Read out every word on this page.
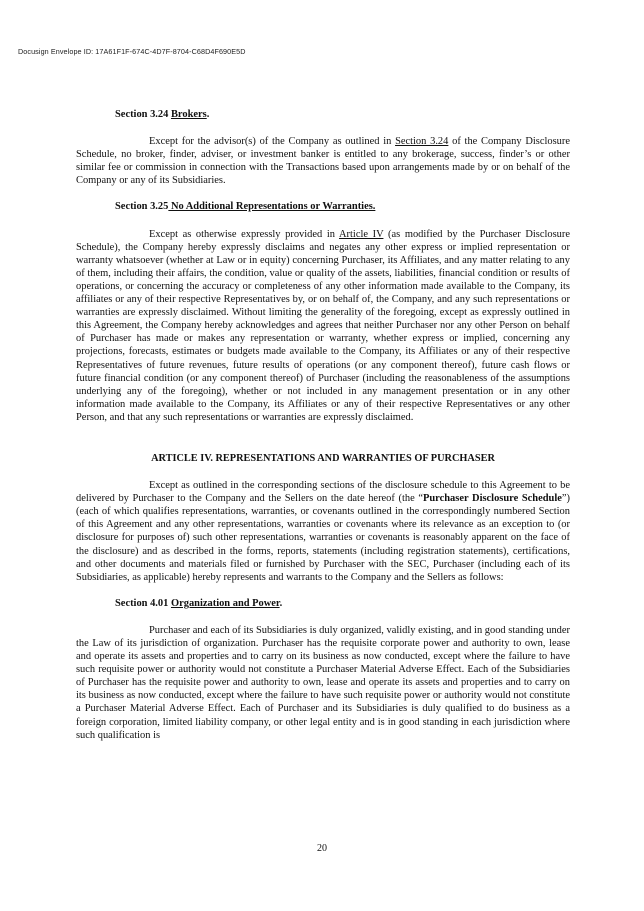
Docusign Envelope ID: 17A61F1F-674C-4D7F-8704-C68D4F690E5D

Section 3.24 Brokers.

Except for the advisor(s) of the Company as outlined in Section 3.24 of the Company Disclosure Schedule, no broker, finder, adviser, or investment banker is entitled to any brokerage, success, finder’s or other similar fee or commission in connection with the Transactions based upon arrangements made by or on behalf of the Company or any of its Subsidiaries.

Section 3.25 No Additional Representations or Warranties.

Except as otherwise expressly provided in Article IV (as modified by the Purchaser Disclosure Schedule), the Company hereby expressly disclaims and negates any other express or implied representation or warranty whatsoever (whether at Law or in equity) concerning Purchaser, its Affiliates, and any matter relating to any of them, including their affairs, the condition, value or quality of the assets, liabilities, financial condition or results of operations, or concerning the accuracy or completeness of any other information made available to the Company, its affiliates or any of their respective Representatives by, or on behalf of, the Company, and any such representations or warranties are expressly disclaimed. Without limiting the generality of the foregoing, except as expressly outlined in this Agreement, the Company hereby acknowledges and agrees that neither Purchaser nor any other Person on behalf of Purchaser has made or makes any representation or warranty, whether express or implied, concerning any projections, forecasts, estimates or budgets made available to the Company, its Affiliates or any of their respective Representatives of future revenues, future results of operations (or any component thereof), future cash flows or future financial condition (or any component thereof) of Purchaser (including the reasonableness of the assumptions underlying any of the foregoing), whether or not included in any management presentation or in any other information made available to the Company, its Affiliates or any of their respective Representatives or any other Person, and that any such representations or warranties are expressly disclaimed.

ARTICLE IV. REPRESENTATIONS AND WARRANTIES OF PURCHASER

Except as outlined in the corresponding sections of the disclosure schedule to this Agreement to be delivered by Purchaser to the Company and the Sellers on the date hereof (the “Purchaser Disclosure Schedule”) (each of which qualifies representations, warranties, or covenants outlined in the correspondingly numbered Section of this Agreement and any other representations, warranties or covenants where its relevance as an exception to (or disclosure for purposes of) such other representations, warranties or covenants is reasonably apparent on the face of the disclosure) and as described in the forms, reports, statements (including registration statements), certifications, and other documents and materials filed or furnished by Purchaser with the SEC, Purchaser (including each of its Subsidiaries, as applicable) hereby represents and warrants to the Company and the Sellers as follows:

Section 4.01 Organization and Power.

Purchaser and each of its Subsidiaries is duly organized, validly existing, and in good standing under the Law of its jurisdiction of organization. Purchaser has the requisite corporate power and authority to own, lease and operate its assets and properties and to carry on its business as now conducted, except where the failure to have such requisite power or authority would not constitute a Purchaser Material Adverse Effect. Each of the Subsidiaries of Purchaser has the requisite power and authority to own, lease and operate its assets and properties and to carry on its business as now conducted, except where the failure to have such requisite power or authority would not constitute a Purchaser Material Adverse Effect. Each of Purchaser and its Subsidiaries is duly qualified to do business as a foreign corporation, limited liability company, or other legal entity and is in good standing in each jurisdiction where such qualification is

20
